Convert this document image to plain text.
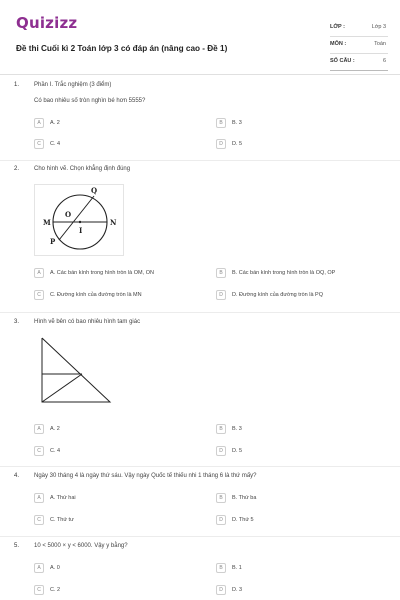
Quizizz
Đề thi Cuối kì 2 Toán lớp 3 có đáp án (nâng cao - Đề 1)
LỚP :	Lớp 3
MÔN :	Toán
SỐ CÂU :	6
1. Phần I. Trắc nghiệm (3 điểm)
Có bao nhiêu số tròn nghìn bé hơn 5555?
A	A. 2	B	B. 3
C	C. 4	D	D. 5
2. Cho hình vẽ. Chọn khẳng định đúng
Q
M
O
N
I
P
A	A. Các bán kính trong hình tròn là OM, ON	B	B. Các bán kính trong hình tròn là OQ, OP
C	C. Đường kính của đường tròn là MN	D	D. Đường kính của đường tròn là PQ
3. Hình vẽ bên có bao nhiêu hình tam giác
A	A. 2	B	B. 3
C	C. 4	D	D. 5
4. Ngày 30 tháng 4 là ngày thứ sáu. Vậy ngày Quốc tế thiếu nhi 1 tháng 6 là thứ mấy?
A	A. Thứ hai	B	B. Thứ ba
C	C. Thứ tư	D	D. Thứ 5
5. 10 < 5000 × y < 6000. Vậy y bằng?
A	A. 0	B	B. 1
C	C. 2	D	D. 3
